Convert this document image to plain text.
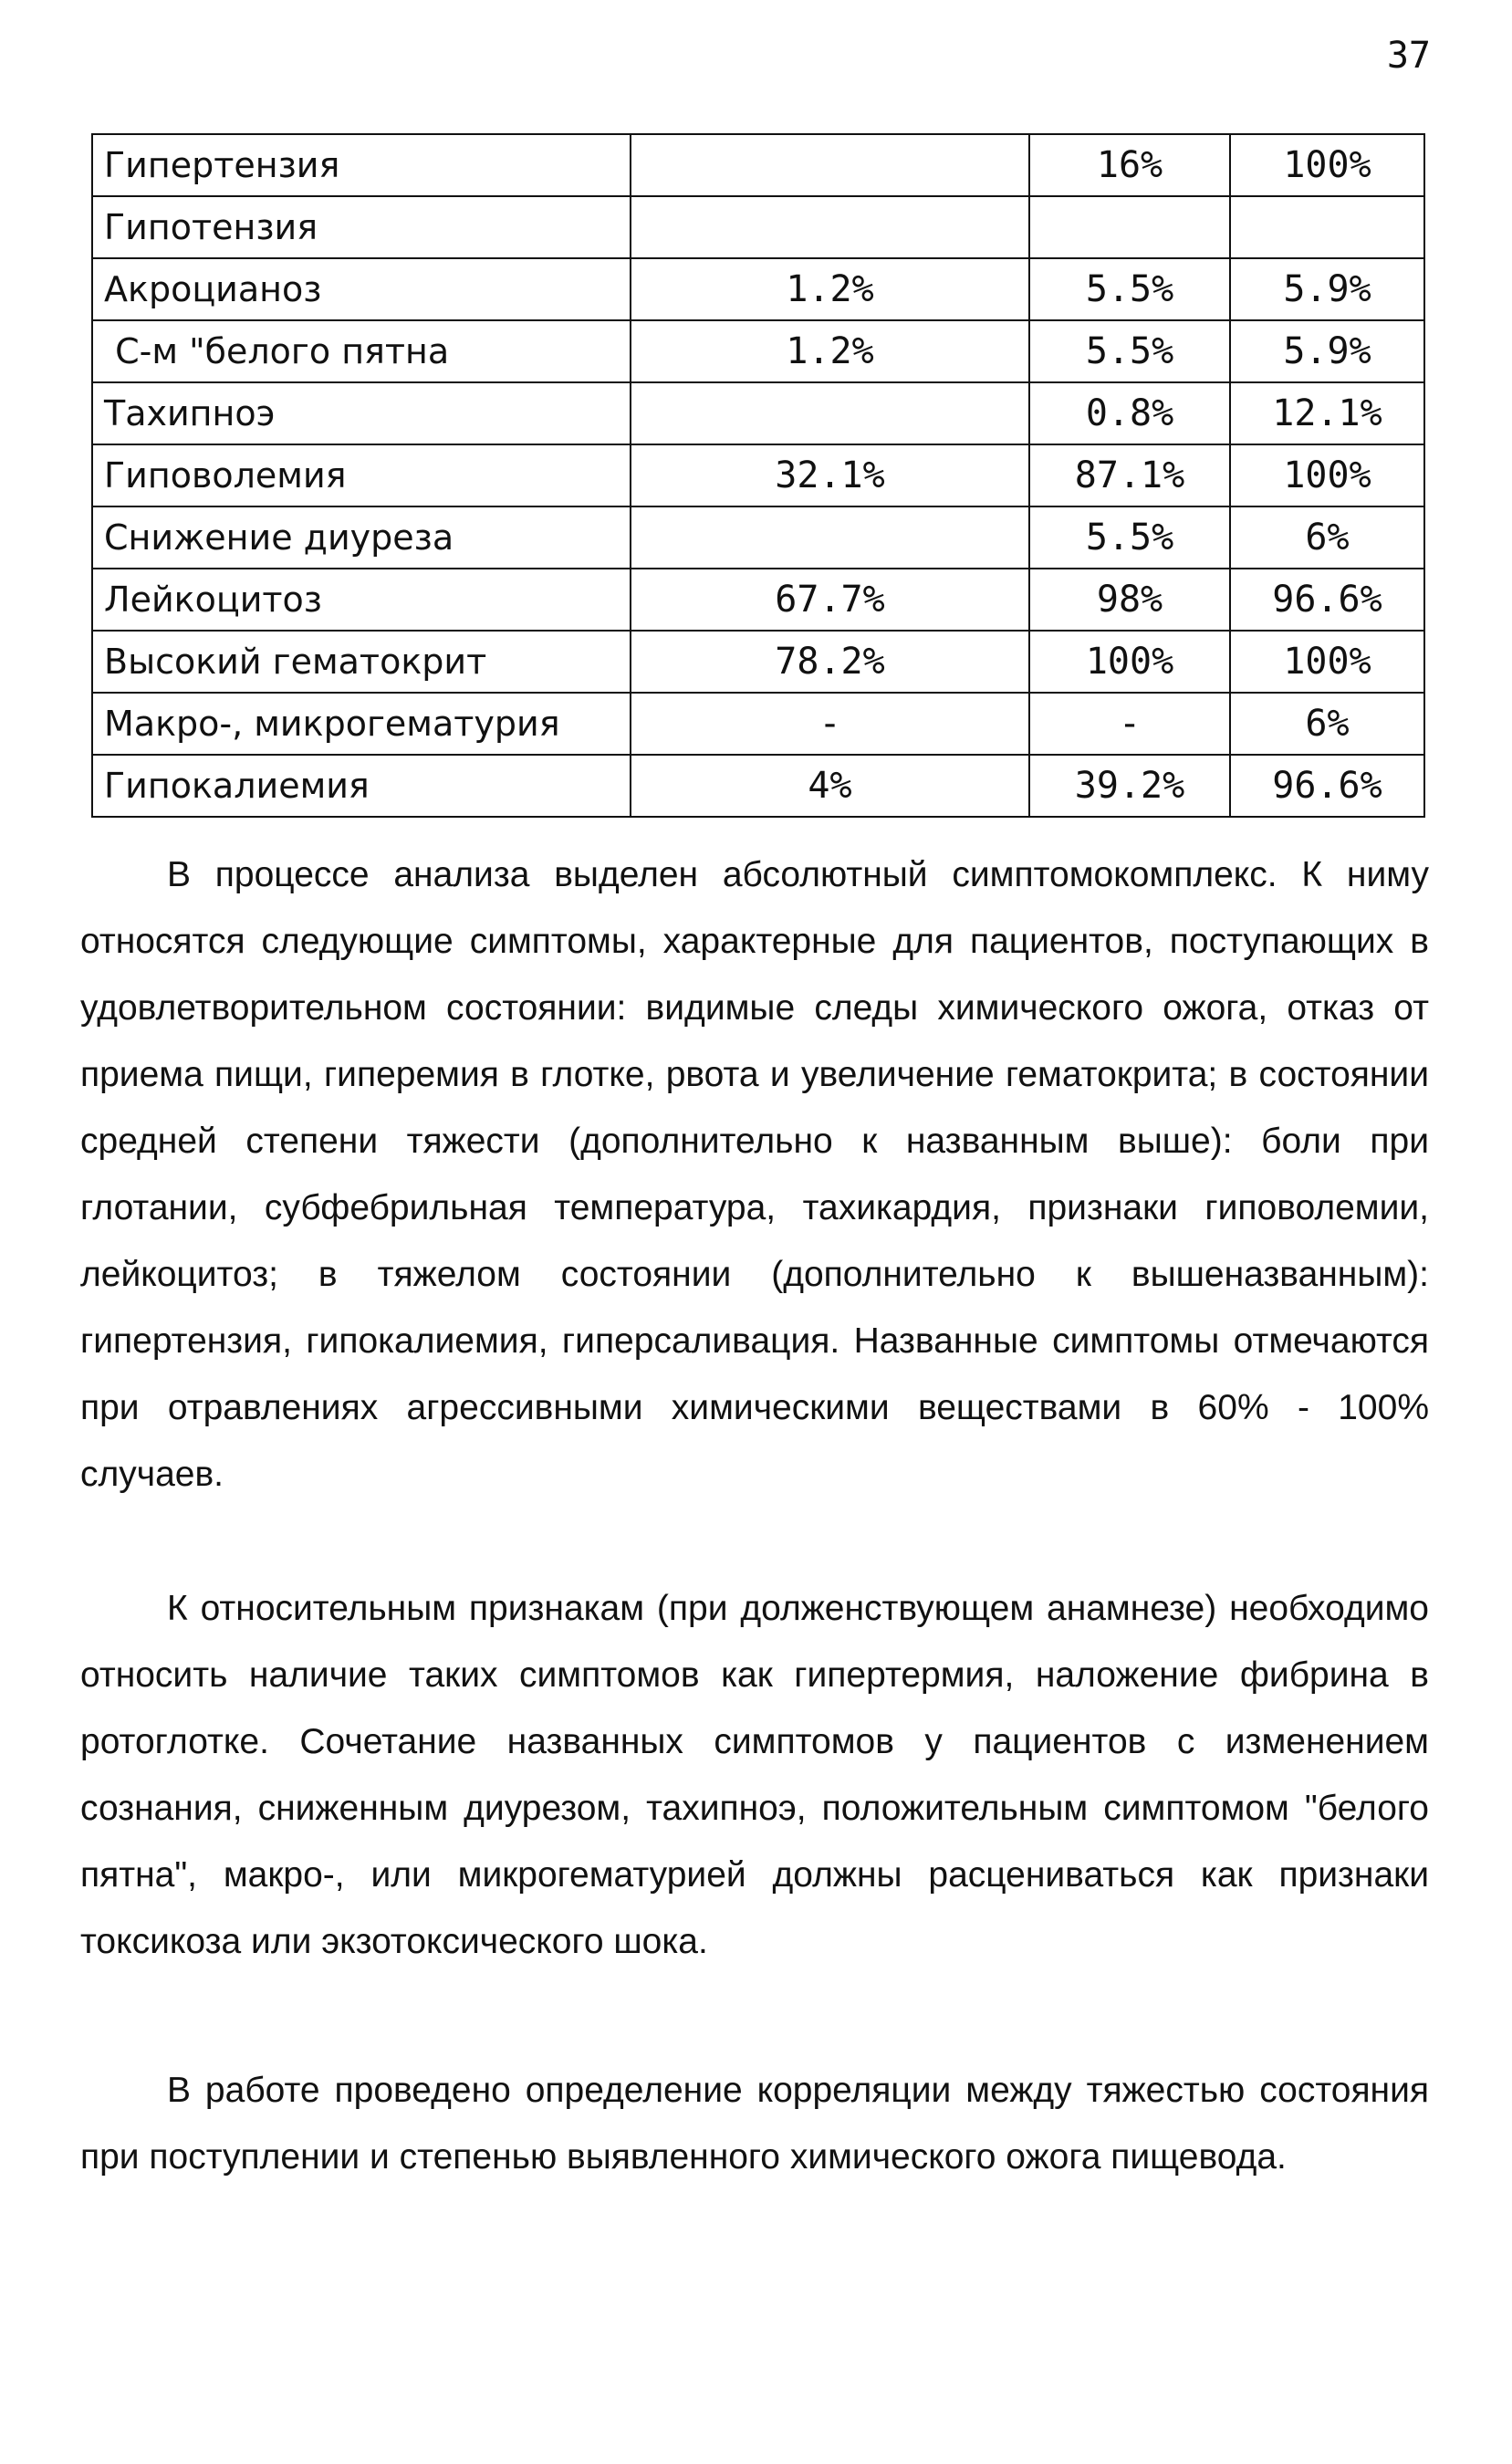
37
Гипертензия		16%	100%
Гипотензия			
Акроцианоз	1.2%	5.5%	5.9%
С-м "белого пятна	1.2%	5.5%	5.9%
Тахипноэ		0.8%	12.1%
Гиповолемия	32.1%	87.1%	100%
Снижение диуреза		5.5%	6%
Лейкоцитоз	67.7%	98%	96.6%
Высокий гематокрит	78.2%	100%	100%
Макро-, микрогематурия	-	-	6%
Гипокалиемия	4%	39.2%	96.6%

В процессе анализа выделен абсолютный симптомокомплекс. К ниму относятся следующие симптомы, характерные для пациентов, поступающих в удовлетворительном состоянии: видимые следы химического ожога, отказ от приема пищи, гиперемия в глотке, рвота и увеличение гематокрита; в состоянии средней степени тяжести (дополнительно к названным выше): боли при глотании, субфебрильная температура, тахикардия, признаки гиповолемии, лейкоцитоз; в тяжелом состоянии (дополнительно к вышеназванным): гипертензия, гипокалиемия, гиперсаливация. Названные симптомы отмечаются при отравлениях агрессивными химическими веществами в 60% - 100% случаев.

К относительным признакам (при долженствующем анамнезе) необходимо относить наличие таких симптомов как гипертермия, наложение фибрина в ротоглотке. Сочетание названных симптомов у пациентов с изменением сознания, сниженным диурезом, тахипноэ, положительным симптомом "белого пятна", макро-, или микрогематурией должны расцениваться как признаки токсикоза или экзотоксического шока.

В работе проведено определение корреляции между тяжестью состояния при поступлении и степенью выявленного химического ожога пищевода.
